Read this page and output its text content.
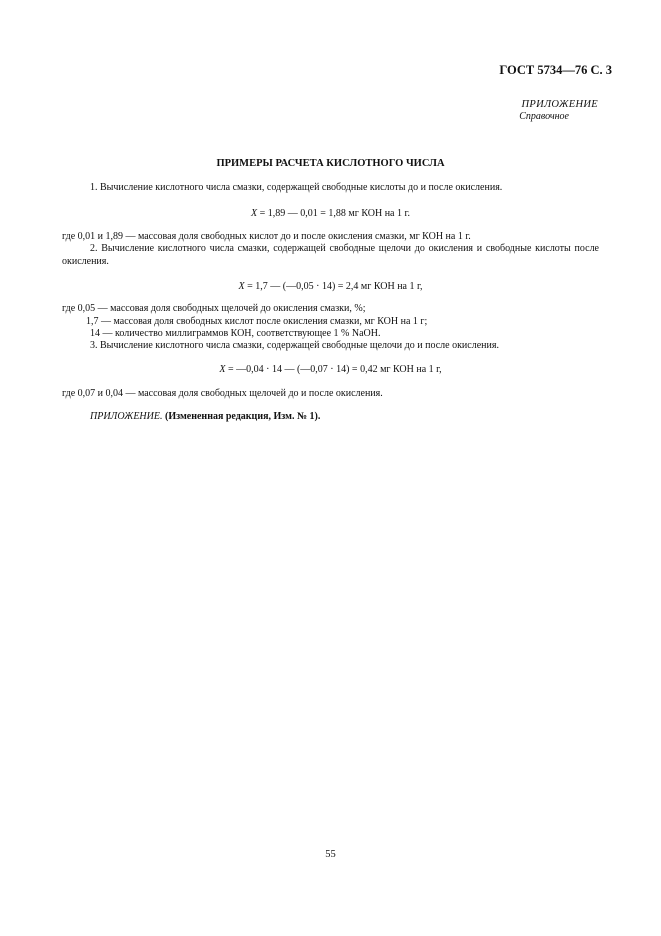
ГОСТ 5734—76 С. 3
ПРИЛОЖЕНИЕ
Справочное
ПРИМЕРЫ РАСЧЕТА КИСЛОТНОГО ЧИСЛА
1. Вычисление кислотного числа смазки, содержащей свободные кислоты до и после окисления.
X = 1,89 — 0,01 = 1,88 мг КОН на 1 г.
где 0,01 и 1,89 — массовая доля свободных кислот до и после окисления смазки, мг КОН на 1 г.
2. Вычисление кислотного числа смазки, содержащей свободные щелочи до окисления и свободные кислоты после окисления.
X = 1,7 — (—0,05 · 14) = 2,4 мг КОН на 1 г,
где 0,05 — массовая доля свободных щелочей до окисления смазки, %;
1,7 — массовая доля свободных кислот после окисления смазки, мг КОН на 1 г;
14 — количество миллиграммов КОН, соответствующее 1 % NaOH.
3. Вычисление кислотного числа смазки, содержащей свободные щелочи до и после окисления.
X = —0,04 · 14 — (—0,07 · 14) = 0,42 мг КОН на 1 г,
где 0,07 и 0,04 — массовая доля свободных щелочей до и после окисления.
ПРИЛОЖЕНИЕ. (Измененная редакция, Изм. № 1).
55
